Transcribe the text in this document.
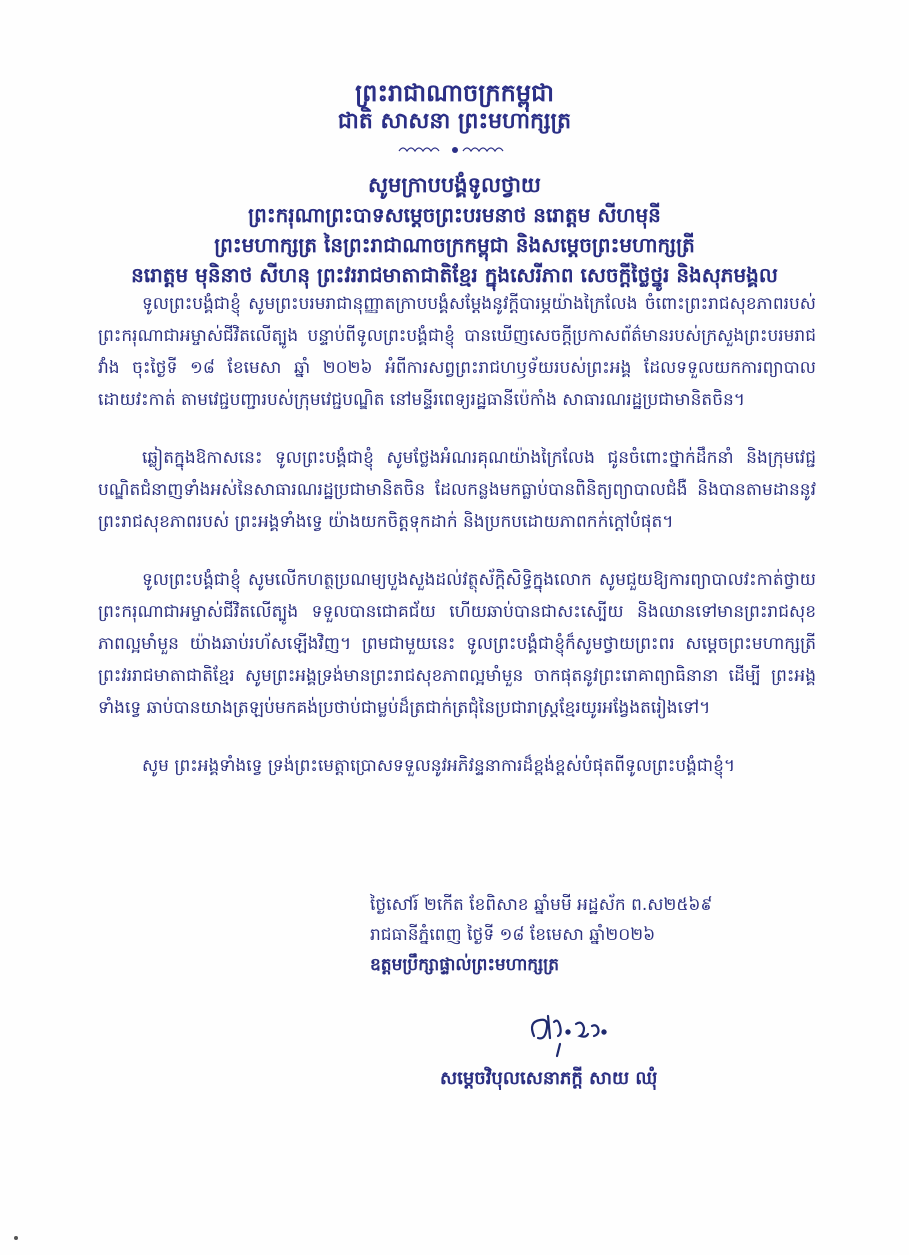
ព្រះរាជាណាចក្រកម្ពុជា
ជាតិ សាសនា ព្រះមហាក្សត្រ
សូមក្រាបបង្គំទូលថ្វាយ
ព្រះករុណាព្រះបាទសម្តេចព្រះបរមនាថ នរោត្តម សីហមុនី
ព្រះមហាក្សត្រ នៃព្រះរាជាណាចក្រកម្ពុជា និងសម្តេចព្រះមហាក្សត្រី
នរោត្តម មុនិនាថ សីហនុ ព្រះវររាជមាតាជាតិខ្មែរ ក្នុងសេរីភាព សេចក្តីថ្លៃថ្នូរ និងសុភមង្គល

ទូលព្រះបង្គំជាខ្ញុំ សូមព្រះបរមរាជានុញ្ញាតក្រាបបង្គំសម្តែងនូវក្តីបារម្ភយ៉ាងក្រៃលែង ចំពោះព្រះរាជសុខភាពរបស់ ព្រះករុណាជាអម្ចាស់ជីវិតលើត្បូង បន្ទាប់ពីទូលព្រះបង្គំជាខ្ញុំ បានឃើញសេចក្តីប្រកាសព័ត៌មានរបស់ក្រសួងព្រះបរមរាជវាំង ចុះថ្ងៃទី ១៨ ខែមេសា ឆ្នាំ ២០២៦ អំពីការសព្វព្រះរាជហឫទ័យរបស់ព្រះអង្គ ដែលទទួលយកការព្យាបាលដោយវះកាត់ តាមវេជ្ជបញ្ជារបស់ក្រុមវេជ្ជបណ្ឌិត នៅមន្ទីរពេទ្យរដ្ឋធានីប៉េកាំង សាធារណរដ្ឋប្រជាមានិតចិន។

ឆ្លៀតក្នុងឱកាសនេះ ទូលព្រះបង្គំជាខ្ញុំ សូមថ្លែងអំណរគុណយ៉ាងក្រៃលែង ជូនចំពោះថ្នាក់ដឹកនាំ និងក្រុមវេជ្ជបណ្ឌិតជំនាញទាំងអស់នៃសាធារណរដ្ឋប្រជាមានិតចិន ដែលកន្លងមកធ្លាប់បានពិនិត្យព្យាបាលជំងឺ និងបានតាមដាននូវព្រះរាជសុខភាពរបស់ ព្រះអង្គទាំងទ្វេ យ៉ាងយកចិត្តទុកដាក់ និងប្រកបដោយភាពកក់ក្តៅបំផុត។

ទូលព្រះបង្គំជាខ្ញុំ សូមលើកហត្ថប្រណម្យបួងសួងដល់វត្ថុស័ក្តិសិទ្ធិក្នុងលោក សូមជួយឱ្យការព្យាបាលវះកាត់ថ្វាយ ព្រះករុណាជាអម្ចាស់ជីវិតលើត្បូង ទទួលបានជោគជ័យ ហើយឆាប់បានជាសះស្បើយ និងឈានទៅមានព្រះរាជសុខភាពល្អមាំមួន យ៉ាងឆាប់រហ័សឡើងវិញ។ ព្រមជាមួយនេះ ទូលព្រះបង្គំជាខ្ញុំក៏សូមថ្វាយព្រះពរ សម្តេចព្រះមហាក្សត្រី ព្រះវររាជមាតាជាតិខ្មែរ សូមព្រះអង្គទ្រង់មានព្រះរាជសុខភាពល្អមាំមួន ចាកផុតនូវព្រះរោគាព្យាធិនានា ដើម្បី ព្រះអង្គទាំងទ្វេ ឆាប់បានយាងត្រឡប់មកគង់ប្រថាប់ជាម្លប់ដ៏ត្រជាក់ត្រជុំនៃប្រជារាស្ត្រខ្មែរយូរអង្វែងតរៀងទៅ។

សូម ព្រះអង្គទាំងទ្វេ ទ្រង់ព្រះមេត្តាប្រោសទទួលនូវអភិវន្ទនាការដ៏ខ្ពង់ខ្ពស់បំផុតពីទូលព្រះបង្គំជាខ្ញុំ។

ថ្ងៃសៅរ៍ ២កើត ខែពិសាខ ឆ្នាំមមី អដ្ឋស័ក ព.ស២៥៦៩
រាជធានីភ្នំពេញ ថ្ងៃទី ១៨ ខែមេសា ឆ្នាំ២០២៦
ឧត្តមប្រឹក្សាផ្ទាល់ព្រះមហាក្សត្រ
សម្តេចវិបុលសេនាភក្តី សាយ ឈុំ
